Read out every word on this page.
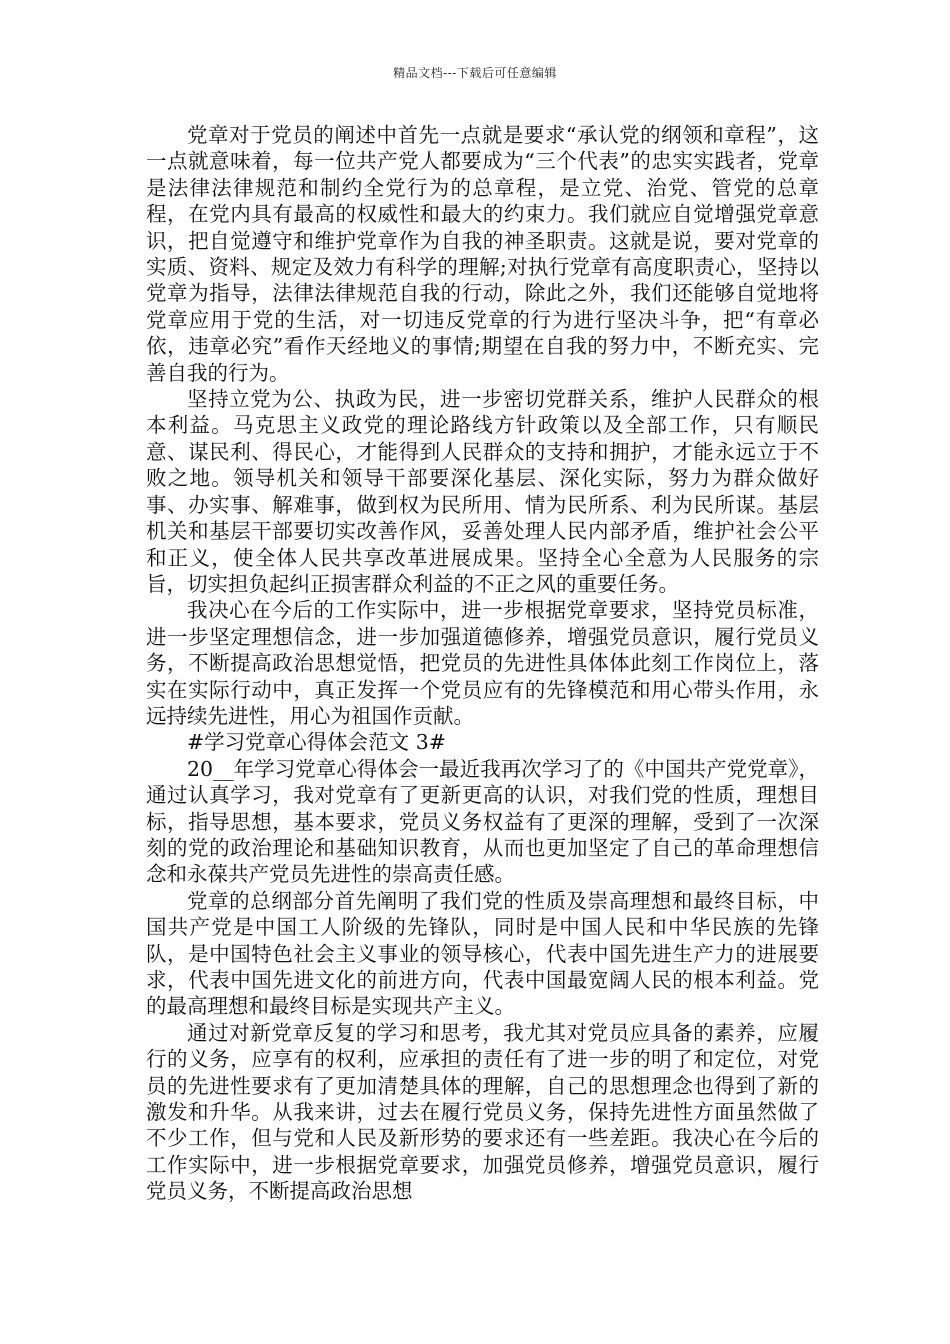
精品文档---下载后可任意编辑

党章对于党员的阐述中首先一点就是要求“承认党的纲领和章程”，这一点就意味着，每一位共产党人都要成为“三个代表”的忠实实践者，党章是法律法律规范和制约全党行为的总章程，是立党、治党、管党的总章程，在党内具有最高的权威性和最大的约束力。我们就应自觉增强党章意识，把自觉遵守和维护党章作为自我的神圣职责。这就是说，要对党章的实质、资料、规定及效力有科学的理解;对执行党章有高度职责心，坚持以党章为指导，法律法律规范自我的行动，除此之外，我们还能够自觉地将党章应用于党的生活，对一切违反党章的行为进行坚决斗争，把“有章必依，违章必究”看作天经地义的事情;期望在自我的努力中，不断充实、完善自我的行为。

坚持立党为公、执政为民，进一步密切党群关系，维护人民群众的根本利益。马克思主义政党的理论路线方针政策以及全部工作，只有顺民意、谋民利、得民心，才能得到人民群众的支持和拥护，才能永远立于不败之地。领导机关和领导干部要深化基层、深化实际，努力为群众做好事、办实事、解难事，做到权为民所用、情为民所系、利为民所谋。基层机关和基层干部要切实改善作风，妥善处理人民内部矛盾，维护社会公平和正义，使全体人民共享改革进展成果。坚持全心全意为人民服务的宗旨，切实担负起纠正损害群众利益的不正之风的重要任务。

我决心在今后的工作实际中，进一步根据党章要求，坚持党员标准，进一步坚定理想信念，进一步加强道德修养，增强党员意识，履行党员义务，不断提高政治思想觉悟，把党员的先进性具体体此刻工作岗位上，落实在实际行动中，真正发挥一个党员应有的先锋模范和用心带头作用，永远持续先进性，用心为祖国作贡献。

#学习党章心得体会范文 3#

20__年学习党章心得体会一最近我再次学习了的《中国共产党党章》，通过认真学习，我对党章有了更新更高的认识，对我们党的性质，理想目标，指导思想，基本要求，党员义务权益有了更深的理解，受到了一次深刻的党的政治理论和基础知识教育，从而也更加坚定了自己的革命理想信念和永葆共产党员先进性的崇高责任感。

党章的总纲部分首先阐明了我们党的性质及崇高理想和最终目标，中国共产党是中国工人阶级的先锋队，同时是中国人民和中华民族的先锋队，是中国特色社会主义事业的领导核心，代表中国先进生产力的进展要求，代表中国先进文化的前进方向，代表中国最宽阔人民的根本利益。党的最高理想和最终目标是实现共产主义。

通过对新党章反复的学习和思考，我尤其对党员应具备的素养，应履行的义务，应享有的权利，应承担的责任有了进一步的明了和定位，对党员的先进性要求有了更加清楚具体的理解，自己的思想理念也得到了新的激发和升华。从我来讲，过去在履行党员义务，保持先进性方面虽然做了不少工作，但与党和人民及新形势的要求还有一些差距。我决心在今后的工作实际中，进一步根据党章要求，加强党员修养，增强党员意识，履行党员义务，不断提高政治思想
